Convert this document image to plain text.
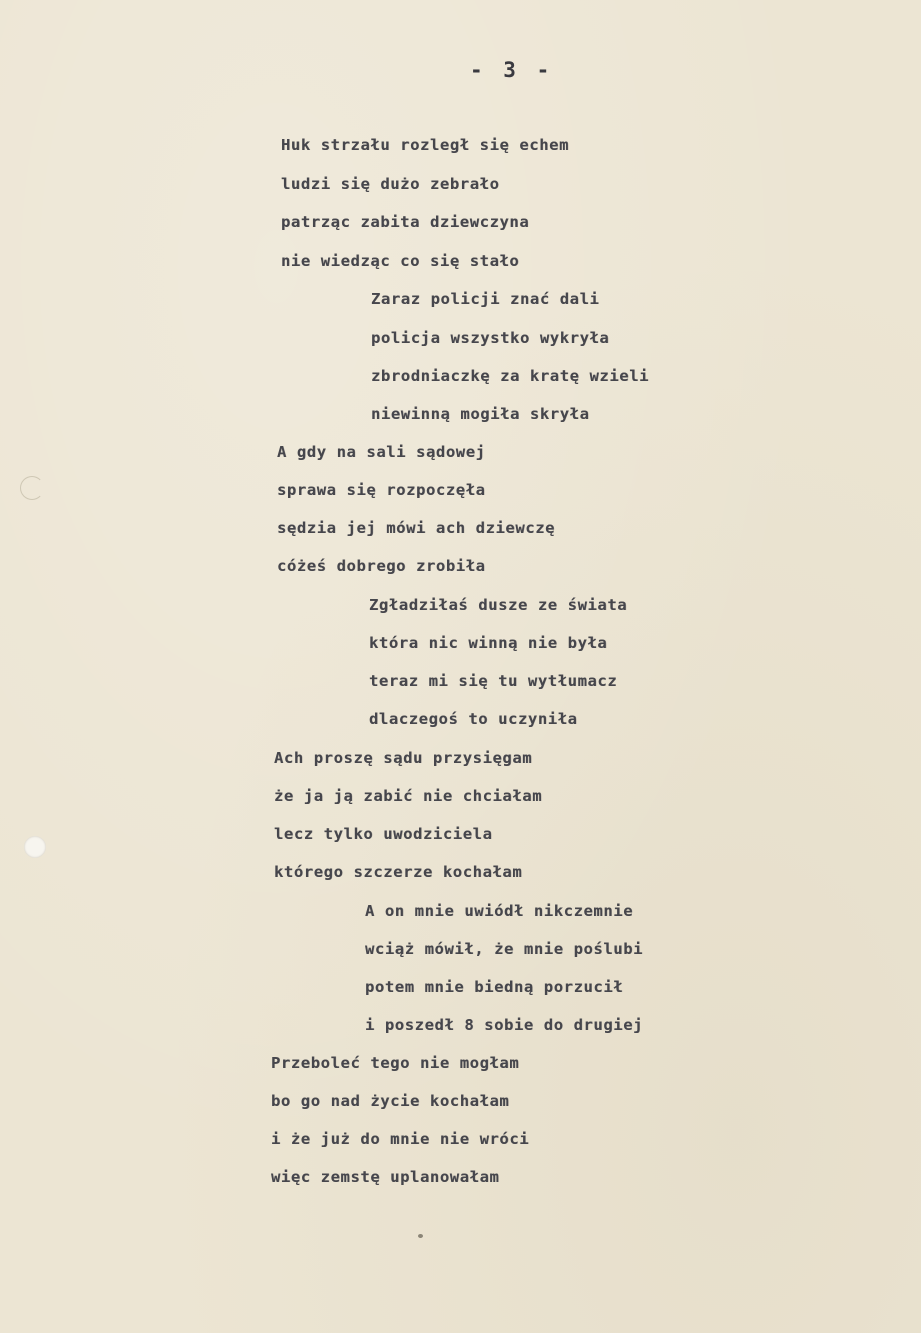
- 3 -
Huk strzału rozległ się echem
ludzi się dużo zebrało
patrząc zabita dziewczyna
nie wiedząc co się stało
Zaraz policji znać dali
policja wszystko wykryła
zbrodniaczkę za kratę wzieli
niewinną mogiła skryła
A gdy na sali sądowej
sprawa się rozpoczęła
sędzia jej mówi ach dziewczę
cóżeś dobrego zrobiła
Zgładziłaś dusze ze świata
która nic winną nie była
teraz mi się tu wytłumacz
dlaczegoś to uczyniła
Ach proszę sądu przysięgam
że ja ją zabić nie chciałam
lecz tylko uwodziciela
którego szczerze kochałam
A on mnie uwiódł nikczemnie
wciąż mówił, że mnie poślubi
potem mnie biedną porzucił
i poszedł 8 sobie do drugiej
Przeboleć tego nie mogłam
bo go nad życie kochałam
i że już do mnie nie wróci
więc zemstę uplanowałam
